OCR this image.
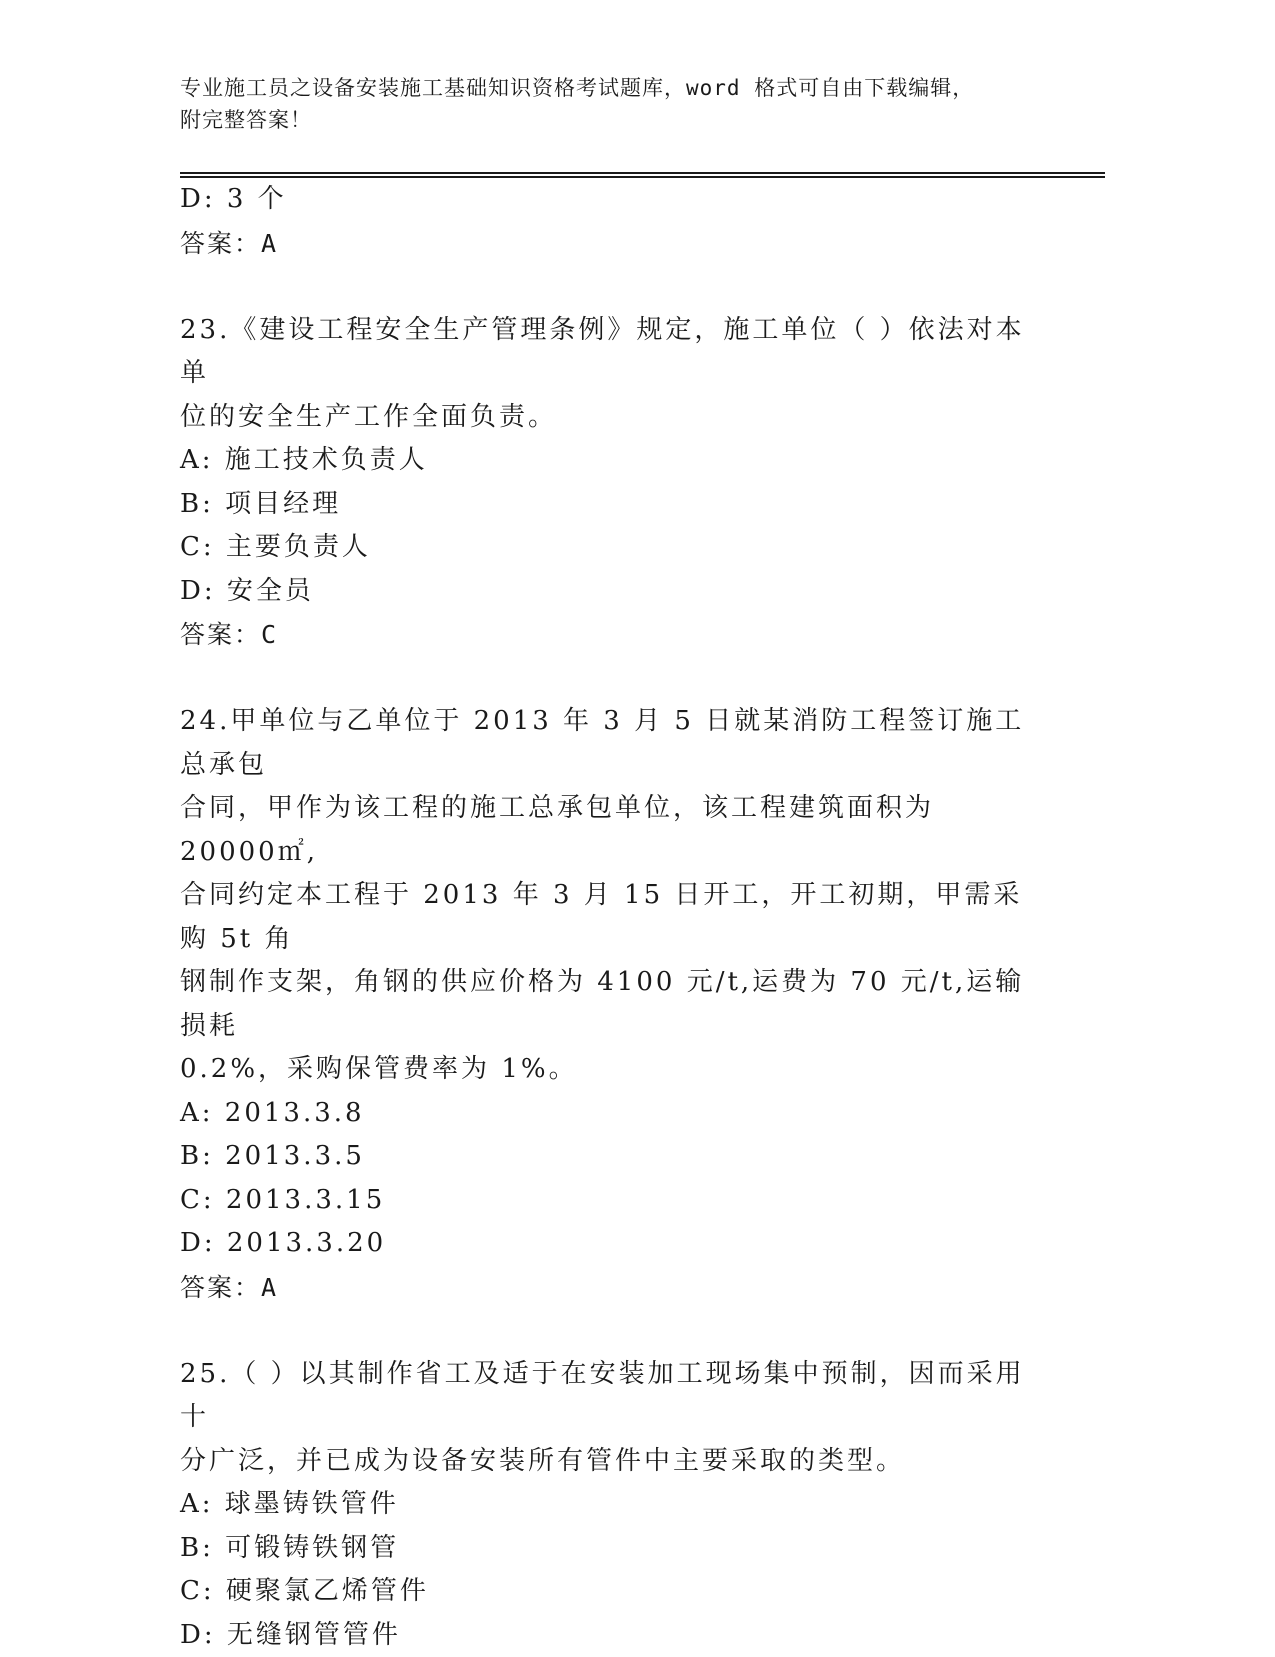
专业施工员之设备安装施工基础知识资格考试题库，word 格式可自由下载编辑，
附完整答案！
D: 3 个
答案：A
23.《建设工程安全生产管理条例》规定，施工单位（ ）依法对本单
位的安全生产工作全面负责。
A: 施工技术负责人
B: 项目经理
C: 主要负责人
D: 安全员
答案：C
24.甲单位与乙单位于 2013 年 3 月 5 日就某消防工程签订施工总承包
合同，甲作为该工程的施工总承包单位，该工程建筑面积为 20000㎡,
合同约定本工程于 2013 年 3 月 15 日开工，开工初期，甲需采购 5t 角
钢制作支架，角钢的供应价格为 4100 元/t,运费为 70 元/t,运输损耗
0.2%，采购保管费率为 1%。
A: 2013.3.8
B: 2013.3.5
C: 2013.3.15
D: 2013.3.20
答案：A
25.（ ）以其制作省工及适于在安装加工现场集中预制，因而采用十
分广泛，并已成为设备安装所有管件中主要采取的类型。
A: 球墨铸铁管件
B: 可锻铸铁钢管
C: 硬聚氯乙烯管件
D: 无缝钢管管件
